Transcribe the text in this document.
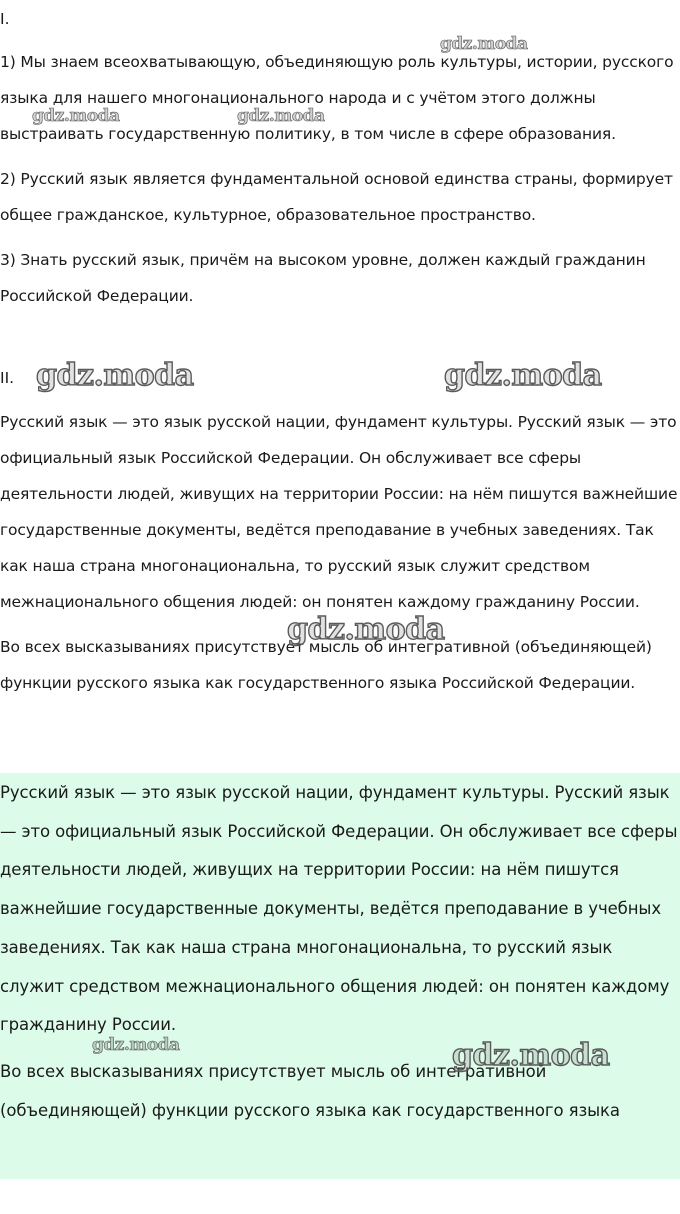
I.
1) Мы знаем всеохватывающую, объединяющую роль культуры, истории, русского языка для нашего многонационального народа и с учётом этого должны выстраивать государственную политику, в том числе в сфере образования.
2) Русский язык является фундаментальной основой единства страны, формирует общее гражданское, культурное, образовательное пространство.
3) Знать русский язык, причём на высоком уровне, должен каждый гражданин Российской Федерации.
II.
Русский язык — это язык русской нации, фундамент культуры. Русский язык — это официальный язык Российской Федерации. Он обслуживает все сферы деятельности людей, живущих на территории России: на нём пишутся важнейшие государственные документы, ведётся преподавание в учебных заведениях. Так как наша страна многонациональна, то русский язык служит средством межнационального общения людей: он понятен каждому гражданину России.
Во всех высказываниях присутствует мысль об интегративной (объединяющей) функции русского языка как государственного языка Российской Федерации.
Русский язык — это язык русской нации, фундамент культуры. Русский язык — это официальный язык Российской Федерации. Он обслуживает все сферы деятельности людей, живущих на территории России: на нём пишутся важнейшие государственные документы, ведётся преподавание в учебных заведениях. Так как наша страна многонациональна, то русский язык служит средством межнационального общения людей: он понятен каждому гражданину России.
Во всех высказываниях присутствует мысль об интегративной (объединяющей) функции русского языка как государственного языка
gdz.moda
gdz.moda	gdz.moda
gdz.moda	gdz.moda
gdz.moda
gdz.moda	gdz.moda
